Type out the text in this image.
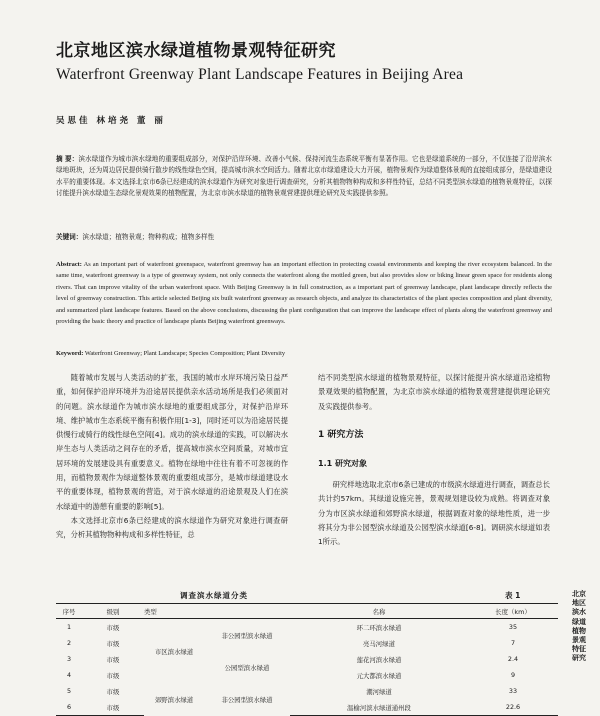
北京地区滨水绿道植物景观特征研究
Waterfront Greenway Plant Landscape Features in Beijing Area
吴思佳 林培尧 董 丽
摘 要：滨水绿道作为城市滨水绿地的重要组成部分，对保护沿岸环境、改善小气候、保持河流生态系统平衡有显著作用。它也是绿道系统的一部分，不仅连接了沿岸滨水绿地斑块，还为周边居民提供骑行散步的线性绿色空间，提高城市滨水空间活力。随着北京市绿道建设大力开展，植物景观作为绿道整体景观的直接组成部分，是绿道建设水平的重要体现。本文选择北京市6条已经建成的滨水绿道作为研究对象进行调查研究，分析其植物物种构成和多样性特征，总结不同类型滨水绿道的植物景观特征，以探讨能提升滨水绿道生态绿化景观效果的植物配置，为北京市滨水绿道的植物景观营建提供理论研究及实践提供参照。
关键词：滨水绿道；植物景观；物种构成；植物多样性
Abstract: As an important part of waterfront greenspace, waterfront greenway has an important effection in protecting coastal environments and keeping the river ecosystem balanced. In the same time, waterfront greenway is a type of greenway system, not only connects the waterfront along the mottled green, but also provides slow or biking linear green space for residents along rivers. That can improve vitality of the urban waterfront space. With Beijing Greenway is in full construction, as a important part of greenway landscape, plant landscape directly reflects the level of greenway construction. This article selected Beijing six built waterfront greenway as research objects, and analyze its characteristics of the plant species composition and plant diversity, and summarized plant landscape features. Based on the above conclusions, discussing the plant configuration that can improve the landscape effect of plants along the waterfront greenway and providing the basic theory and practice of landscape plants Beijing waterfront greenways.
Keyword: Waterfront Greenway; Plant Landscape; Species Composition; Plant Diversity

随着城市发展与人类活动的扩张，我国的城市水岸环境污染日益严重，如何保护沿岸环境并为沿途居民提供亲水活动场所是我们必须面对的问题。滨水绿道作为城市滨水绿地的重要组成部分，对保护沿岸环境、维护城市生态系统平衡有积极作用[1-3]，同时还可以为沿途居民提供慢行或骑行的线性绿色空间[4]。成功的滨水绿道的实践，可以解决水岸生态与人类活动之间存在的矛盾，提高城市滨水空间质量，对城市宜居环境的发展建设具有重要意义。植物在绿地中往往有着不可忽视的作用，而植物景观作为绿道整体景观的重要组成部分，是城市绿道建设水平的重要体现，植物景观的营造，对于滨水绿道的沿途景观及人们在滨水绿道中的游憩有重要的影响[5]。

本文选择北京市6条已经建成的滨水绿道作为研究对象进行调查研究，分析其植物物种构成和多样性特征，总

结不同类型滨水绿道的植物景观特征，以探讨能提升滨水绿道沿途植物景观效果的植物配置，为北京市滨水绿道的植物景观营建提供理论研究及实践提供参考。

1 研究方法
1.1 研究对象

研究样地选取北京市6条已建成的市级滨水绿道进行调查，调查总长共计约57km。其绿道设施完善，景观规划建设较为成熟。将调查对象分为市区滨水绿道和郊野滨水绿道，根据调查对象的绿地性质，进一步将其分为非公园型滨水绿道及公园型滨水绿道[6-8]。调研滨水绿道如表1所示。

调查滨水绿道分类	表 1
序号	级别	类型		名称	长度（km）
1	市级	市区滨水绿道	非公园型滨水绿道	环二环滨水绿道	35
2	市级			亮马河绿道	7
3	市级		公园型滨水绿道	莲花河滨水绿道	2.4
4	市级			元大都滨水绿道	9
5	市级	郊野滨水绿道	非公园型滨水绿道	潮河绿道	33
6	市级			温榆河滨水绿道通州段	22.6
北京地区滨水绿道植物景观特征研究
